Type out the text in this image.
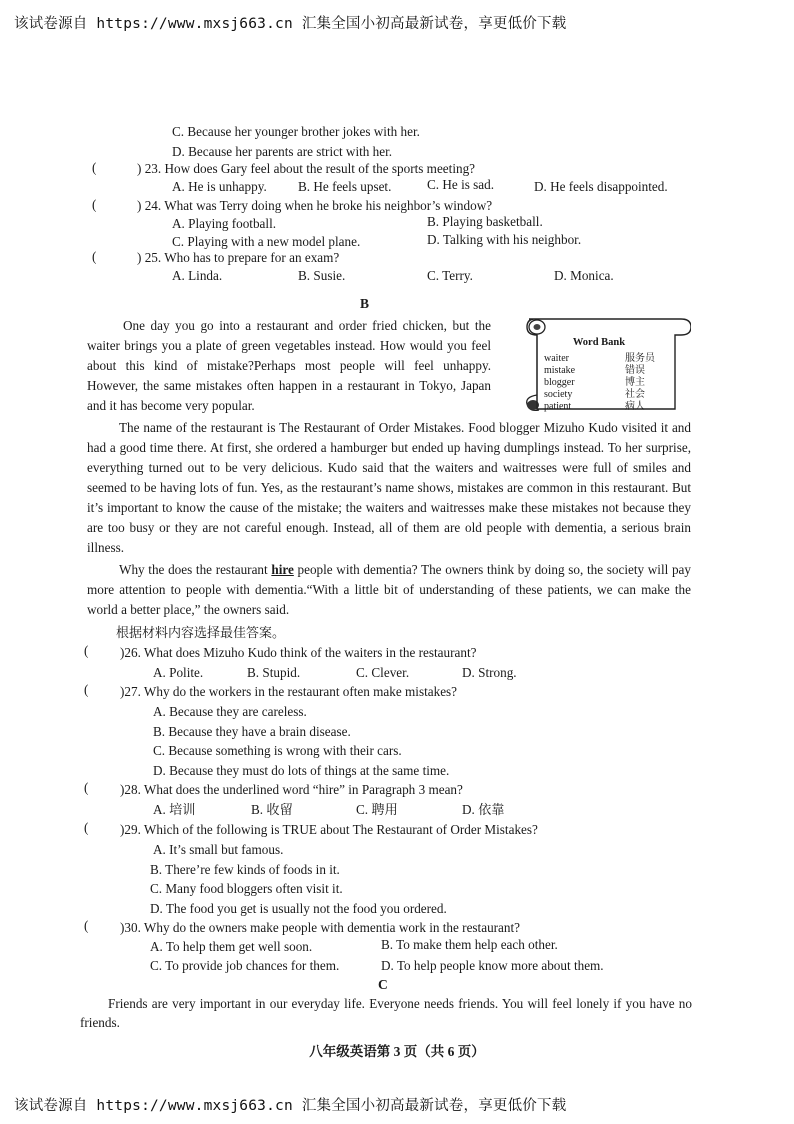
该试卷源自 https://www.mxsj663.cn 汇集全国小初高最新试卷，享更低价下载
C. Because her younger brother jokes with her.
D. Because her parents are strict with her.
(	) 23. How does Gary feel about the result of the sports meeting?
A. He is unhappy. B. He feels upset.	C. He is sad.	D. He feels disappointed.
(	) 24. What was Terry doing when he broke his neighbor’s window?
A. Playing football.	B. Playing basketball.
C. Playing with a new model plane.	D. Talking with his neighbor.
(	) 25. Who has to prepare for an exam?
A. Linda.	B. Susie.	C. Terry.	D. Monica.
B
One day you go into a restaurant and order fried chicken, but the waiter brings you a plate of green vegetables instead. How would you feel about this kind of mistake?Perhaps most people will feel unhappy. However, the same mistakes often happen in a restaurant in Tokyo, Japan and it has become very popular.
Word Bank
waiter	服务员
mistake	错误
blogger	博主
society	社会
patient	病人
The name of the restaurant is The Restaurant of Order Mistakes. Food blogger Mizuho Kudo visited it and had a good time there. At first, she ordered a hamburger but ended up having dumplings instead. To her surprise, everything turned out to be very delicious. Kudo said that the waiters and waitresses were full of smiles and seemed to be having lots of fun. Yes, as the restaurant’s name shows, mistakes are common in this restaurant. But it’s important to know the cause of the mistake; the waiters and waitresses make these mistakes not because they are too busy or they are not careful enough. Instead, all of them are old people with dementia, a serious brain illness.
Why the does the restaurant hire people with dementia? The owners think by doing so, the society will pay more attention to people with dementia.“With a little bit of understanding of these patients, we can make the world a better place,” the owners said.
根据材料内容选择最佳答案。
( )26. What does Mizuho Kudo think of the waiters in the restaurant?
A. Polite.	B. Stupid.	C. Clever.	D. Strong.
( )27. Why do the workers in the restaurant often make mistakes?
A. Because they are careless.
B. Because they have a brain disease.
C. Because something is wrong with their cars.
D. Because they must do lots of things at the same time.
( )28. What does the underlined word “hire” in Paragraph 3 mean?
A. 培训	B. 收留	C. 聘用	D. 依靠
( )29. Which of the following is TRUE about The Restaurant of Order Mistakes?
A. It’s small but famous.
B. There’re few kinds of foods in it.
C. Many food bloggers often visit it.
D. The food you get is usually not the food you ordered.
( )30. Why do the owners make people with dementia work in the restaurant?
A. To help them get well soon.	B. To make them help each other.
C. To provide job chances for them.	D. To help people know more about them.
C
Friends are very important in our everyday life. Everyone needs friends. You will feel lonely if you have no friends.
八年级英语第 3 页（共 6 页）
该试卷源自 https://www.mxsj663.cn 汇集全国小初高最新试卷，享更低价下载
